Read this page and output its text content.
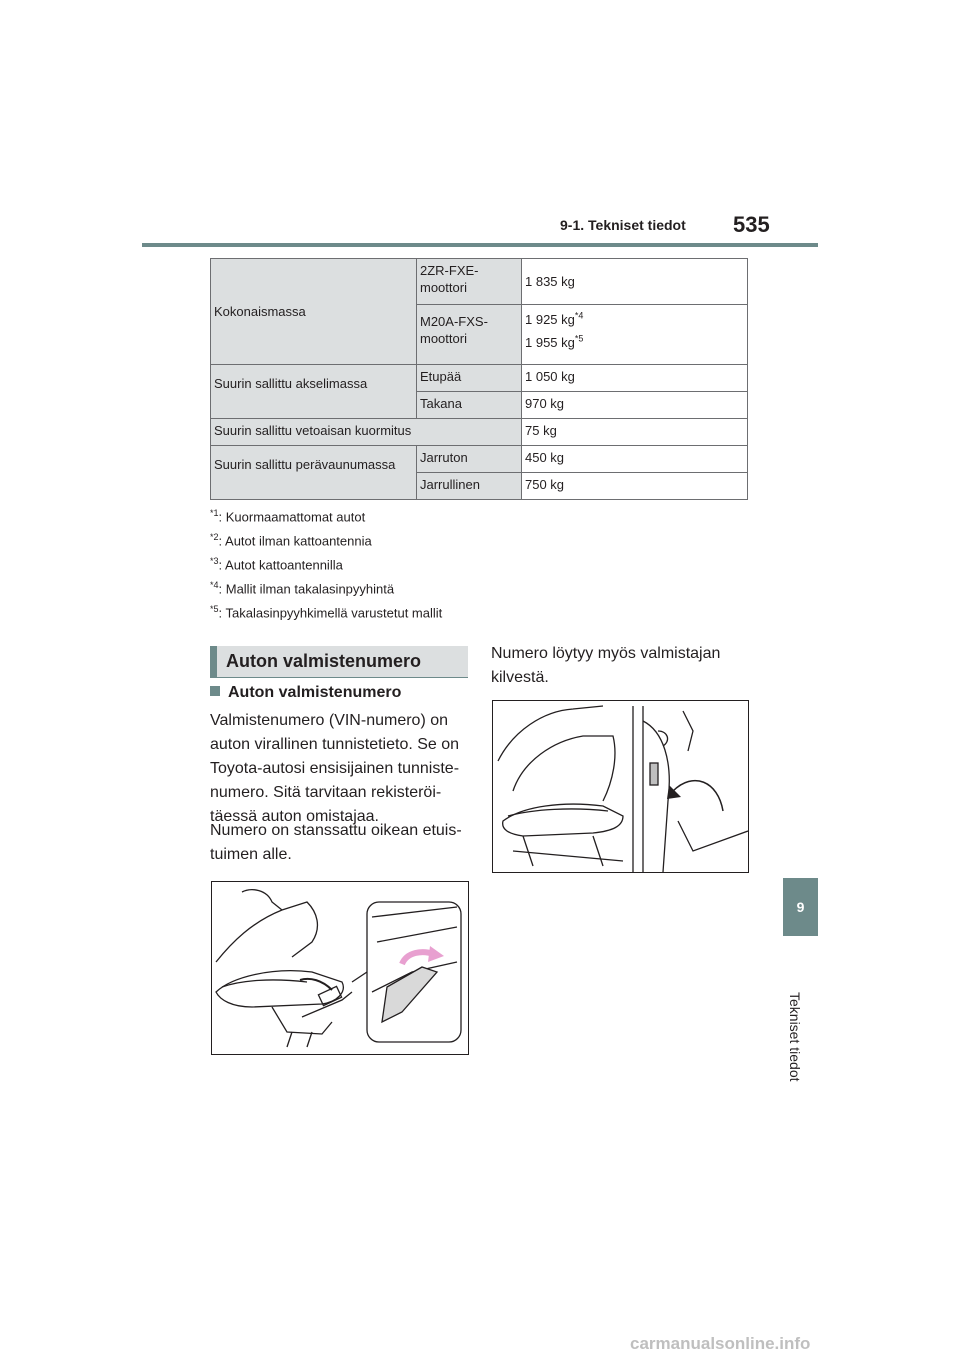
9-1. Tekniset tiedot 535
9
Tekniset tiedot
Kokonaismassa	2ZR-FXE-moottori	1 835 kg
	M20A-FXS-moottori	1 925 $kg^{*4}$
1 955 $kg^{*5}$

Suurin sallittu akselimassa	Etupää	1 050 kg
	Takana	970 kg
Suurin sallittu vetoaisan kuormitus		75 kg
Suurin sallittu perävaunumassa	Jarruton	450 kg
	Jarrullinen	750 kg
$^{*1}$: Kuormaamattomat autot
$^{*2}$: Autot ilman kattoantennia
$^{*3}$: Autot kattoantennilla
$^{*4}$: Mallit ilman takalasinpyyhintä
$^{*5}$: Takalasinpyyhkimellä varustetut mallit
Auton valmistenumero
Auton valmistenumero
Valmistenumero (VIN-numero) on auton virallinen tunnistetieto. Se on Toyota-autosi ensisijainen tunniste-numero. Sitä tarvitaan rekisteröi-täessä auton omistajaa.
Numero on stanssattu oikean etuis-tuimen alle.
Numero löytyy myös valmistajan kilvestä.
carmanualsonline.info
